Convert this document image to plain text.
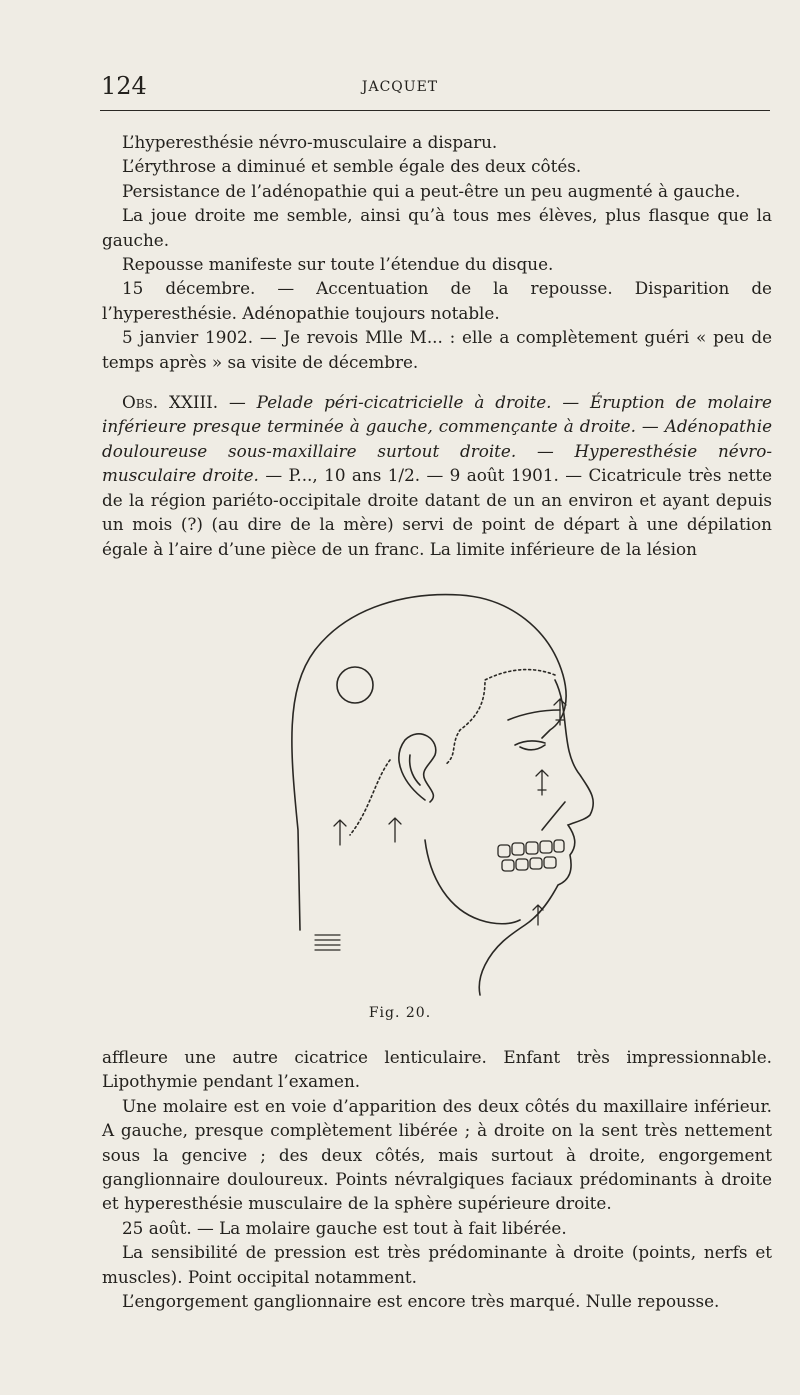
124	JACQUET

L’hyperesthésie névro-musculaire a disparu.

L’érythrose a diminué et semble égale des deux côtés.

Persistance de l’adénopathie qui a peut-être un peu augmenté à gauche.

La joue droite me semble, ainsi qu’à tous mes élèves, plus flasque que la gauche.

Repousse manifeste sur toute l’étendue du disque.

15 décembre. — Accentuation de la repousse. Disparition de l’hyperesthésie. Adénopathie toujours notable.

5 janvier 1902. — Je revois Mlle M... : elle a complètement guéri « peu de temps après » sa visite de décembre.

Obs. XXIII. — Pelade péri-cicatricielle à droite. — Éruption de molaire inférieure presque terminée à gauche, commençante à droite. — Adénopathie douloureuse sous-maxillaire surtout droite. — Hyperesthésie névro-musculaire droite. — P..., 10 ans 1/2. — 9 août 1901. — Cicatricule très nette de la région pariéto-occipitale droite datant de un an environ et ayant depuis un mois (?) (au dire de la mère) servi de point de départ à une dépilation égale à l’aire d’une pièce de un franc. La limite inférieure de la lésion

Fig. 20.

affleure une autre cicatrice lenticulaire. Enfant très impressionnable. Lipothymie pendant l’examen.

Une molaire est en voie d’apparition des deux côtés du maxillaire inférieur. A gauche, presque complètement libérée ; à droite on la sent très nettement sous la gencive ; des deux côtés, mais surtout à droite, engorgement ganglionnaire douloureux. Points névralgiques faciaux prédominants à droite et hyperesthésie musculaire de la sphère supérieure droite.

25 août. — La molaire gauche est tout à fait libérée.

La sensibilité de pression est très prédominante à droite (points, nerfs et muscles). Point occipital notamment.

L’engorgement ganglionnaire est encore très marqué. Nulle repousse.
